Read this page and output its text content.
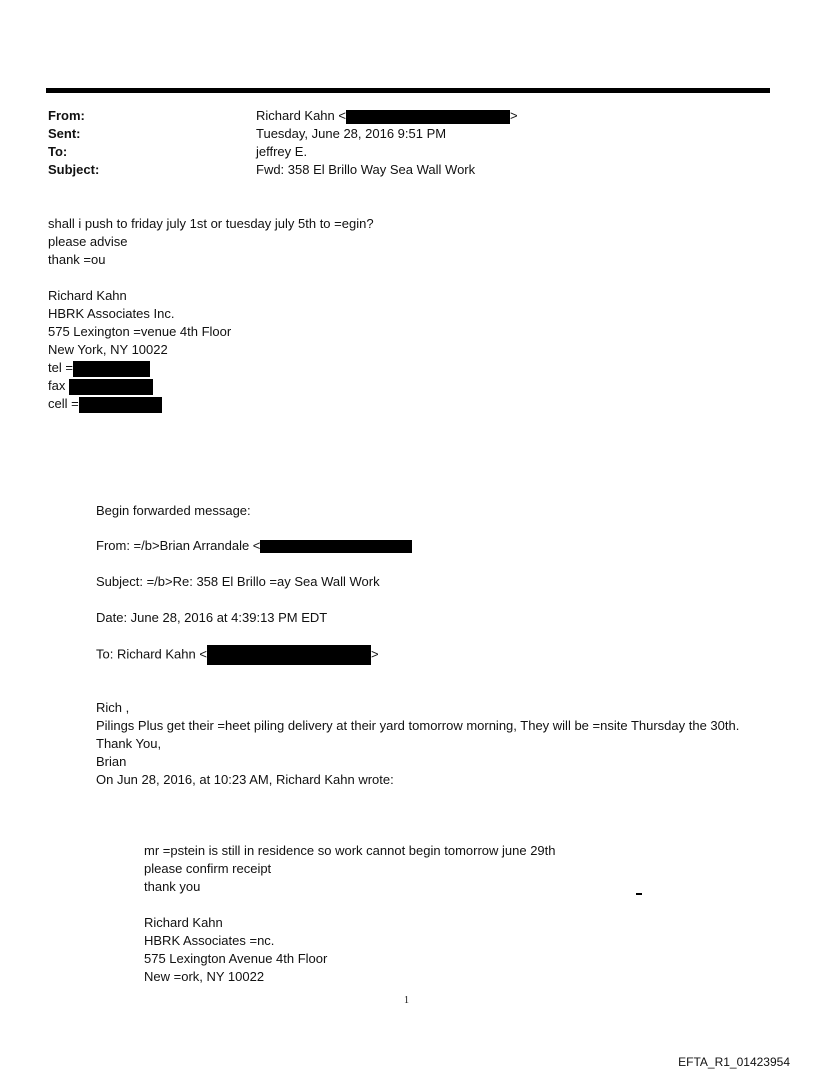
From:	Richard Kahn <	>
Sent:	Tuesday, June 28, 2016 9:51 PM
To:	jeffrey E.
Subject:	Fwd: 358 El Brillo Way Sea Wall Work
shall i push to friday july 1st or tuesday july 5th to =egin?
please advise
thank =ou
Richard Kahn
HBRK Associates Inc.
575 Lexington =venue 4th Floor
New York, NY 10022
tel =
fax
cell =
Begin forwarded message:
From: =/b>Brian Arrandale <
Subject: =/b>Re: 358 El Brillo =ay Sea Wall Work
Date: June 28, 2016 at 4:39:13 PM EDT
To: Richard Kahn <	>
Rich ,
Pilings Plus get their =heet piling delivery at their yard tomorrow morning, They will be =nsite Thursday the 30th.
Thank You,
Brian
On Jun 28, 2016, at 10:23 AM, Richard Kahn wrote:
mr =pstein is still in residence so work cannot begin tomorrow june 29th
please confirm receipt
thank you
Richard Kahn
HBRK Associates =nc.
575 Lexington Avenue 4th Floor
New =ork, NY 10022
1
EFTA_R1_01423954
